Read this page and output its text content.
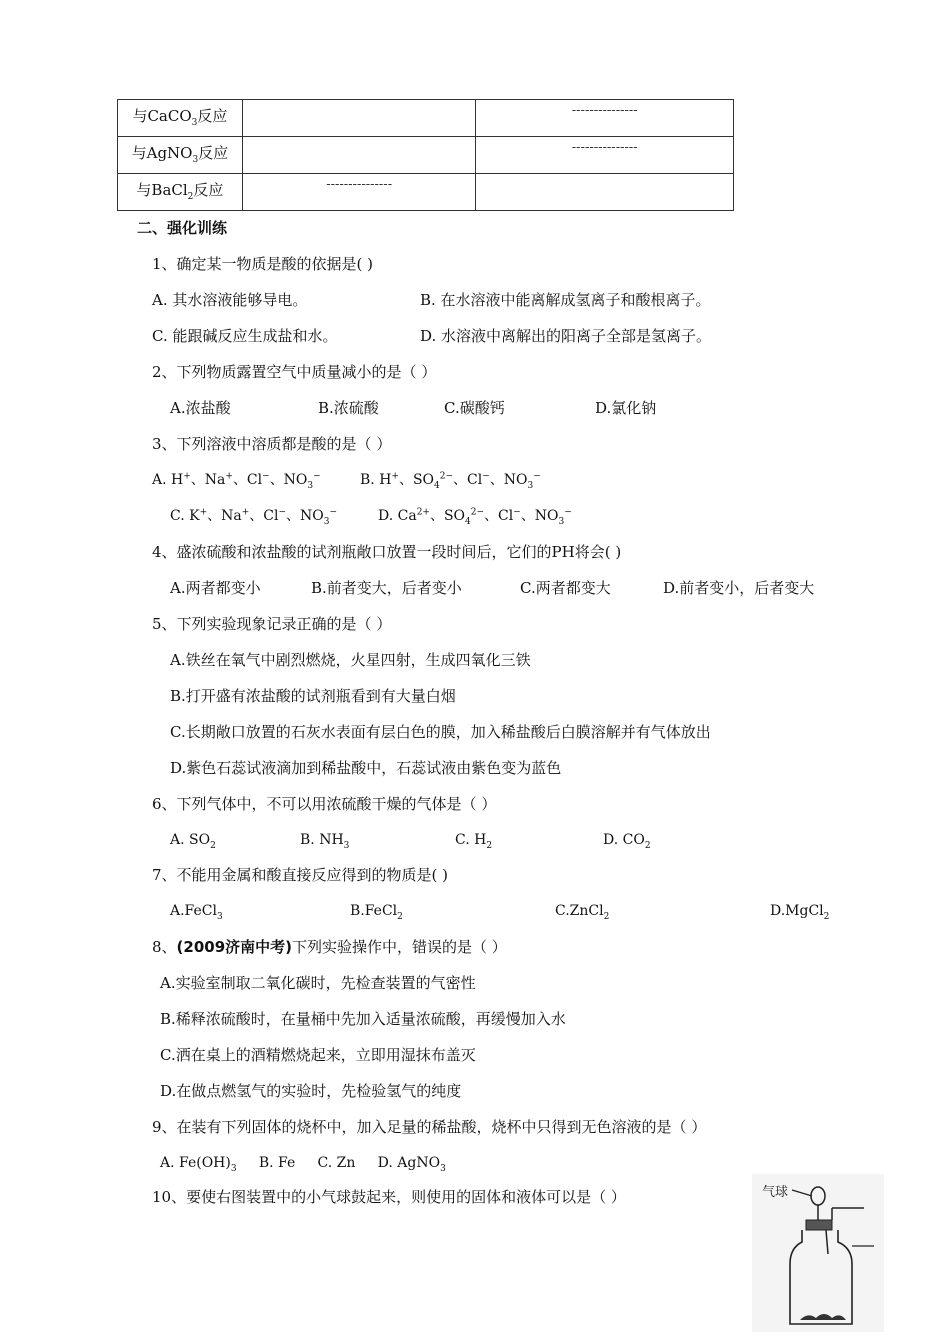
与CaCO$_3$反应		---------------

与AgNO$_3$反应		---------------

与BaCl$_2$反应	---------------	

二、强化训练
1、确定某一物质是酸的依据是( )
A. 其水溶液能够导电。	B. 在水溶液中能离解成氢离子和酸根离子。
C. 能跟碱反应生成盐和水。	D. 水溶液中离解出的阳离子全部是氢离子。
2、下列物质露置空气中质量减小的是（ ）
A.浓盐酸	B.浓硫酸	C.碳酸钙	D.氯化钠
3、下列溶液中溶质都是酸的是（ ）
A. H+、Na+、Cl−、$NO_3^-$	B. H+、$SO_4^{2-}$、Cl−、$NO_3^-$
C. K+、Na+、Cl−、$NO_3^-$	D. $Ca^{2+}$、$SO_4^{2-}$、Cl−、$NO_3^-$
4、盛浓硫酸和浓盐酸的试剂瓶敞口放置一段时间后，它们的PH将会( )
A.两者都变小	B.前者变大，后者变小	C.两者都变大	D.前者变小，后者变大
5、下列实验现象记录正确的是（ ）
A.铁丝在氧气中剧烈燃烧，火星四射，生成四氧化三铁
B.打开盛有浓盐酸的试剂瓶看到有大量白烟
C.长期敞口放置的石灰水表面有层白色的膜，加入稀盐酸后白膜溶解并有气体放出
D.紫色石蕊试液滴加到稀盐酸中，石蕊试液由紫色变为蓝色
6、下列气体中，不可以用浓硫酸干燥的气体是（ ）
A. $SO_2$	B. $NH_3$	C. $H_2$	D. $CO_2$
7、不能用金属和酸直接反应得到的物质是( )
A.FeCl$_3$	B.FeCl$_2$	C.ZnCl$_2$	D.MgCl$_2$
8、(2009济南中考)下列实验操作中，错误的是（ ）
A.实验室制取二氧化碳时，先检查装置的气密性
B.稀释浓硫酸时，在量桶中先加入适量浓硫酸，再缓慢加入水
C.洒在桌上的酒精燃烧起来，立即用湿抹布盖灭
D.在做点燃氢气的实验时，先检验氢气的纯度
9、在装有下列固体的烧杯中，加入足量的稀盐酸，烧杯中只得到无色溶液的是（ ）
A. $Fe(OH)_3$     B. Fe     C. Zn     D. AgNO$_3$
10、要使右图装置中的小气球鼓起来，则使用的固体和液体可以是（ ）	气球
